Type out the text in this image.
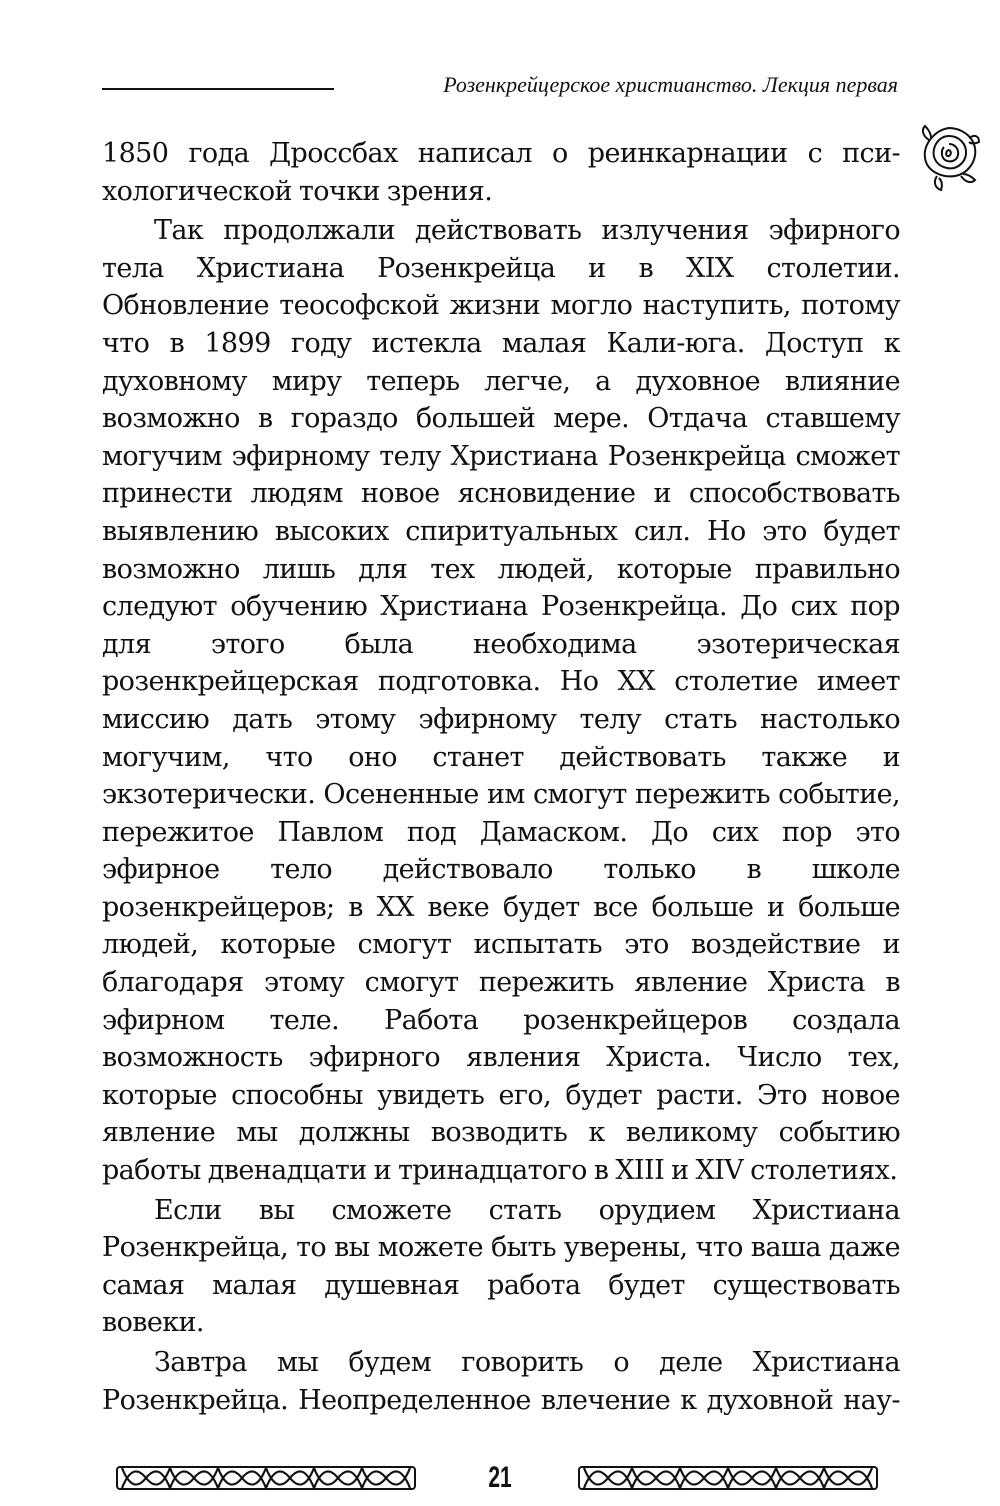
Розенкрейцерское христианство. Лекция первая

1850 года Дроссбах написал о реинкарнации с пси-хологической точки зрения.

Так продолжали действовать излучения эфирного тела Христиана Розенкрейца и в XIX столетии. Обновление теософской жизни могло наступить, потому что в 1899 году истекла малая Кали-юга. Доступ к духовному миру теперь легче, а духовное влияние возможно в гораздо большей мере. Отдача ставшему могучим эфирному телу Христиана Розенкрейца сможет принести людям новое ясновидение и способствовать выявлению высоких спиритуальных сил. Но это будет возможно лишь для тех людей, которые правильно следуют обучению Христиана Розенкрейца. До сих пор для этого была необходима эзотерическая розенкрейцерская подготовка. Но XX столетие имеет миссию дать этому эфирному телу стать настолько могучим, что оно станет действовать также и экзотерически. Осененные им смогут пережить событие, пережитое Павлом под Дамаском. До сих пор это эфирное тело действовало только в школе розенкрейцеров; в XX веке будет все больше и больше людей, которые смогут испытать это воздействие и благодаря этому смогут пережить явление Христа в эфирном теле. Работа розенкрейцеров создала возможность эфирного явления Христа. Число тех, которые способны увидеть его, будет расти. Это новое явление мы должны возводить к великому событию работы двенадцати и тринадцатого в XIII и XIV столетиях.

Если вы сможете стать орудием Христиана Розенкрейца, то вы можете быть уверены, что ваша даже самая малая душевная работа будет существовать вовеки.

Завтра мы будем говорить о деле Христиана Розенкрейца. Неопределенное влечение к духовной нау-

21
